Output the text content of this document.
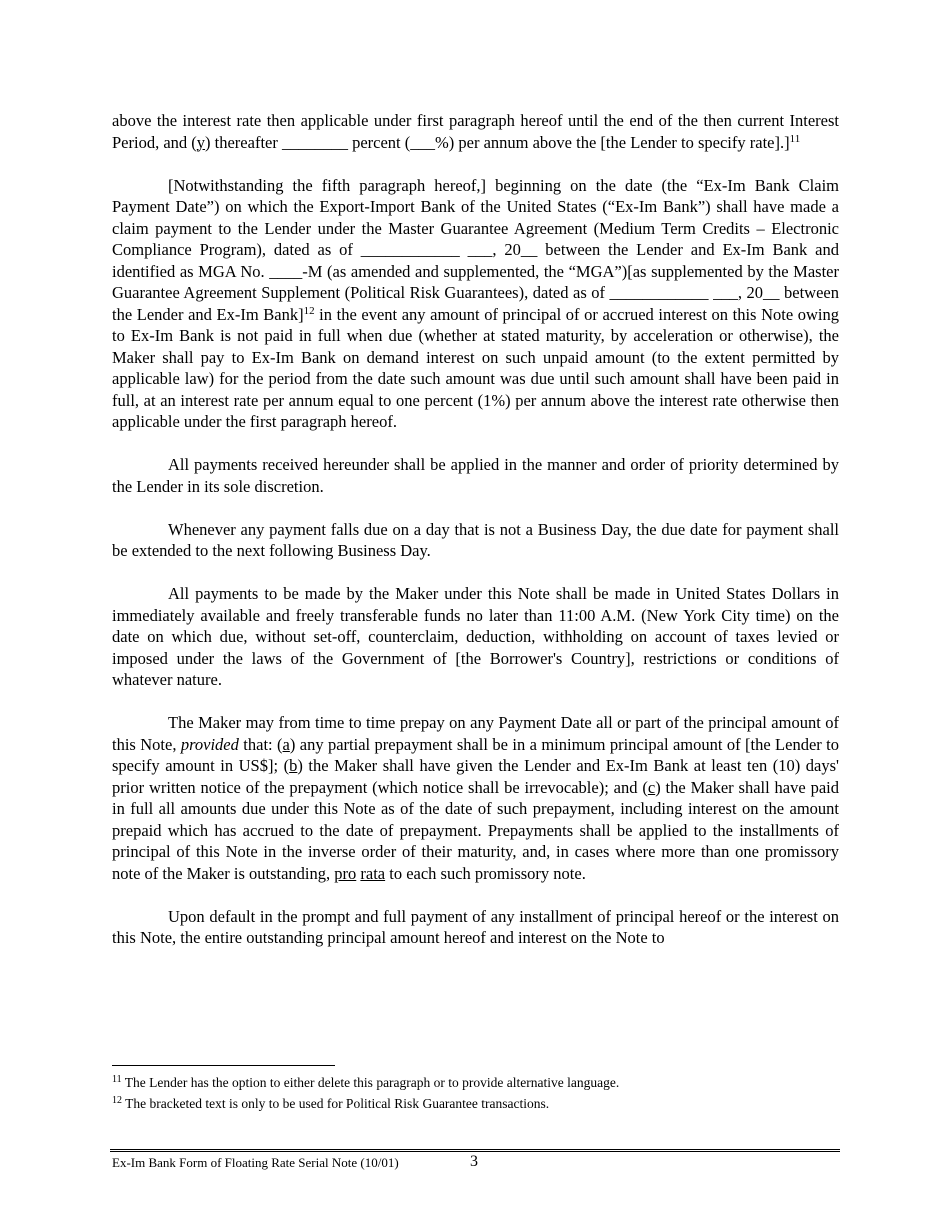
above the interest rate then applicable under first paragraph hereof until the end of the then current Interest Period, and (y) thereafter ________ percent (___%) per annum above the [the Lender to specify rate].]$^{11}$

[Notwithstanding the fifth paragraph hereof,] beginning on the date (the “Ex-Im Bank Claim Payment Date”) on which the Export-Import Bank of the United States (“Ex-Im Bank”) shall have made a claim payment to the Lender under the Master Guarantee Agreement (Medium Term Credits – Electronic Compliance Program), dated as of ____________ ___, 20__ between the Lender and Ex-Im Bank and identified as MGA No. ____-M (as amended and supplemented, the “MGA”)[as supplemented by the Master Guarantee Agreement Supplement (Political Risk Guarantees), dated as of ____________ ___, 20__ between the Lender and Ex-Im Bank]$^{12}$ in the event any amount of principal of or accrued interest on this Note owing to Ex-Im Bank is not paid in full when due (whether at stated maturity, by acceleration or otherwise), the Maker shall pay to Ex-Im Bank on demand interest on such unpaid amount (to the extent permitted by applicable law) for the period from the date such amount was due until such amount shall have been paid in full, at an interest rate per annum equal to one percent (1%) per annum above the interest rate otherwise then applicable under the first paragraph hereof.

All payments received hereunder shall be applied in the manner and order of priority determined by the Lender in its sole discretion.

Whenever any payment falls due on a day that is not a Business Day, the due date for payment shall be extended to the next following Business Day.

All payments to be made by the Maker under this Note shall be made in United States Dollars in immediately available and freely transferable funds no later than 11:00 A.M. (New York City time) on the date on which due, without set-off, counterclaim, deduction, withholding on account of taxes levied or imposed under the laws of the Government of [the Borrower's Country], restrictions or conditions of whatever nature.

The Maker may from time to time prepay on any Payment Date all or part of the principal amount of this Note, provided that: (a) any partial prepayment shall be in a minimum principal amount of [the Lender to specify amount in US$]; (b) the Maker shall have given the Lender and Ex-Im Bank at least ten (10) days' prior written notice of the prepayment (which notice shall be irrevocable); and (c) the Maker shall have paid in full all amounts due under this Note as of the date of such prepayment, including interest on the amount prepaid which has accrued to the date of prepayment. Prepayments shall be applied to the installments of principal of this Note in the inverse order of their maturity, and, in cases where more than one promissory note of the Maker is outstanding, pro rata to each such promissory note.

Upon default in the prompt and full payment of any installment of principal hereof or the interest on this Note, the entire outstanding principal amount hereof and interest on the Note to

$^{11}$ The Lender has the option to either delete this paragraph or to provide alternative language.
$^{12}$ The bracketed text is only to be used for Political Risk Guarantee transactions.
Ex-Im Bank Form of Floating Rate Serial Note (10/01)	3
